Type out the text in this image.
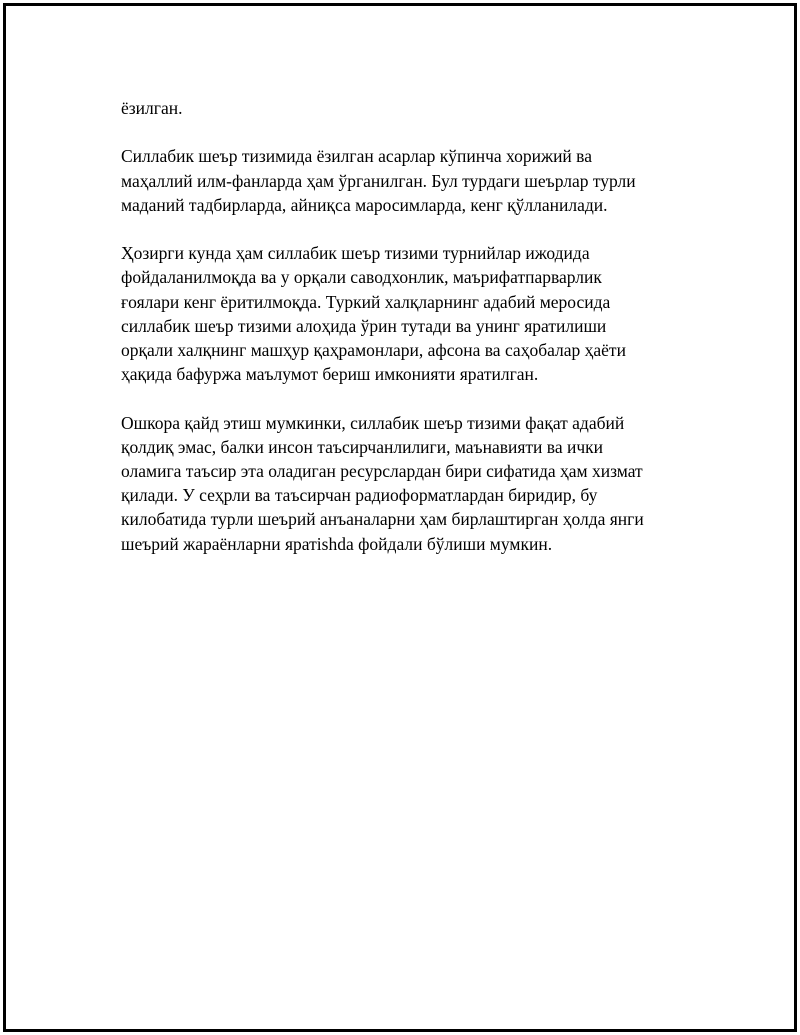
ёзилган.

Силлабик шеър тизимида ёзилган асарлар кўпинча хорижий ва
маҳаллий илм-фанларда ҳам ўрганилган. Бул турдаги шеърлар турли
маданий тадбирларда, айниқса маросимларда, кенг қўлланилади.

Ҳозирги кунда ҳам силлабик шеър тизими турнийлар ижодида
фойдаланилмоқда ва у орқали саводхонлик, маърифатпарварлик
ғоялари кенг ёритилмоқда. Туркий халқларнинг адабий меросида
силлабик шеър тизими алоҳида ўрин тутади ва унинг яратилиши
орқали халқнинг машҳур қаҳрамонлари, афсона ва саҳобалар ҳаёти
ҳақида бафуржа маълумот бериш имконияти яратилган.

Ошкора қайд этиш мумкинки, силлабик шеър тизими фақат адабий
қолдиқ эмас, балки инсон таъсирчанлилиги, маънавияти ва ички
оламига таъсир эта оладиган ресурслардан бири сифатида ҳам хизмат
қилади. У сеҳрли ва таъсирчан радиоформатлардан биридир, бу
килобатида турли шеърий анъаналарни ҳам бирлаштирган ҳолда янги
шеърий жараёнларни яратishda фойдали бўлиши мумкин.
